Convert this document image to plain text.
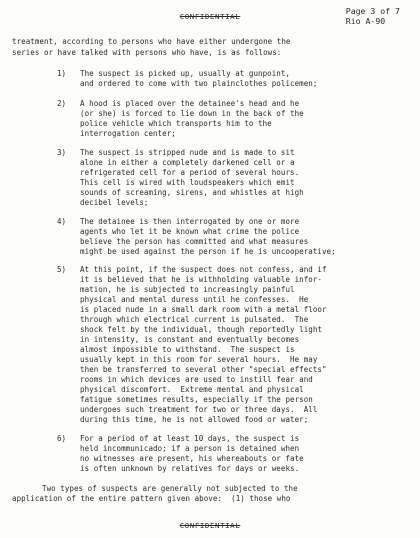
CONFIDENTIAL
Page 3 of 7
Rio A-90
treatment, according to persons who have either undergone the
series or have talked with persons who have, is as follows:
1) The suspect is picked up, usually at gunpoint,
and ordered to come with two plainclothes policemen;
2) A hood is placed over the detainee's head and he
(or she) is forced to lie down in the back of the
police vehicle which transports him to the
interrogation center;
3) The suspect is stripped nude and is made to sit
alone in either a completely darkened cell or a
refrigerated cell for a period of several hours.
This cell is wired with loudspeakers which emit
sounds of screaming, sirens, and whistles at high
decibel levels;
4) The detainee is then interrogated by one or more
agents who let it be known what crime the police
believe the person has committed and what measures
might be used against the person if he is uncooperative;
5) At this point, if the suspect does not confess, and if
it is believed that he is withholding valuable infor-
mation, he is subjected to increasingly painful
physical and mental duress until he confesses.  He
is placed nude in a small dark room with a metal floor
through which electrical current is pulsated.  The
shock felt by the individual, though reportedly light
in intensity, is constant and eventually becomes
almost impossible to withstand.  The suspect is
usually kept in this room for several hours.  He may
then be transferred to several other "special effects"
rooms in which devices are used to instill fear and
physical discomfort.  Extreme mental and physical
fatigue sometimes results, especially if the person
undergoes such treatment for two or three days.  All
during this time, he is not allowed food or water;
6) For a period of at least 10 days, the suspect is
held incommunicado; if a person is detained when
no witnesses are present, his whereabouts or fate
is often unknown by relatives for days or weeks.
Two types of suspects are generally not subjected to the
application of the entire pattern given above:  (1) those who
CONFIDENTIAL
